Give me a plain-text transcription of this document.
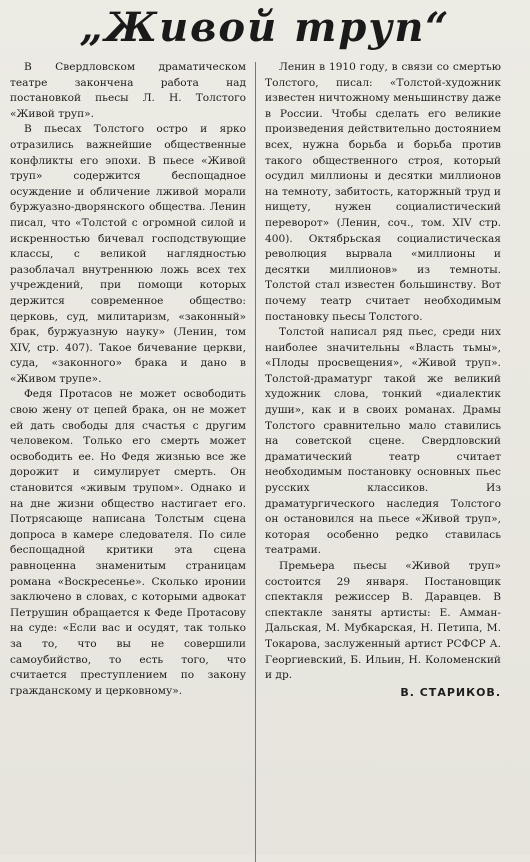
„Живой труп“

В Свердловском драматическом театре закончена работа над постановкой пьесы Л. Н. Толстого «Живой труп».

В пьесах Толстого остро и ярко отразились важнейшие общественные конфликты его эпохи. В пьесе «Живой труп» содержится беспощадное осуждение и обличение лживой морали буржуазно-дворянского общества. Ленин писал, что «Толстой с огромной силой и искренностью бичевал господствующие классы, с великой наглядностью разоблачал внутреннюю ложь всех тех учреждений, при помощи которых держится современное общество: церковь, суд, милитаризм, «законный» брак, буржуазную науку» (Ленин, том XIV, стр. 407). Такое бичевание церкви, суда, «законного» брака и дано в «Живом трупе».

Федя Протасов не может освободить свою жену от цепей брака, он не может ей дать свободы для счастья с другим человеком. Только его смерть может освободить ее. Но Федя жизнью все же дорожит и симулирует смерть. Он становится «живым трупом». Однако и на дне жизни общество настигает его. Потрясающе написана Толстым сцена допроса в камере следователя. По силе беспощадной критики эта сцена равноценна знаменитым страницам романа «Воскресенье». Сколько иронии заключено в словах, с которыми адвокат Петрушин обращается к Феде Протасову на суде: «Если вас и осудят, так только за то, что вы не совершили самоубийство, то есть того, что считается преступлением по закону гражданскому и церковному».

Ленин в 1910 году, в связи со смертью Толстого, писал: «Толстой-художник известен ничтожному меньшинству даже в России. Чтобы сделать его великие произведения действительно достоянием всех, нужна борьба и борьба против такого общественного строя, который осудил миллионы и десятки миллионов на темноту, забитость, каторжный труд и нищету, нужен социалистический переворот» (Ленин, соч., том. XIV стр. 400). Октябрьская социалистическая революция вырвала «миллионы и десятки миллионов» из темноты. Толстой стал известен большинству. Вот почему театр считает необходимым постановку пьесы Толстого.

Толстой написал ряд пьес, среди них наиболее значительны «Власть тьмы», «Плоды просвещения», «Живой труп». Толстой-драматург такой же великий художник слова, тонкий «диалектик души», как и в своих романах. Драмы Толстого сравнительно мало ставились на советской сцене. Свердловский драматический театр считает необходимым постановку основных пьес русских классиков. Из драматургического наследия Толстого он остановился на пьесе «Живой труп», которая особенно редко ставилась театрами.

Премьера пьесы «Живой труп» состоится 29 января. Постановщик спектакля режиссер В. Даравцев. В спектакле заняты артисты: Е. Амман-Дальская, М. Мубкарская, Н. Петипа, М. Токарова, заслуженный артист РСФСР А. Георгиевский, Б. Ильин, Н. Коломенский и др.

В. СТАРИКОВ.
